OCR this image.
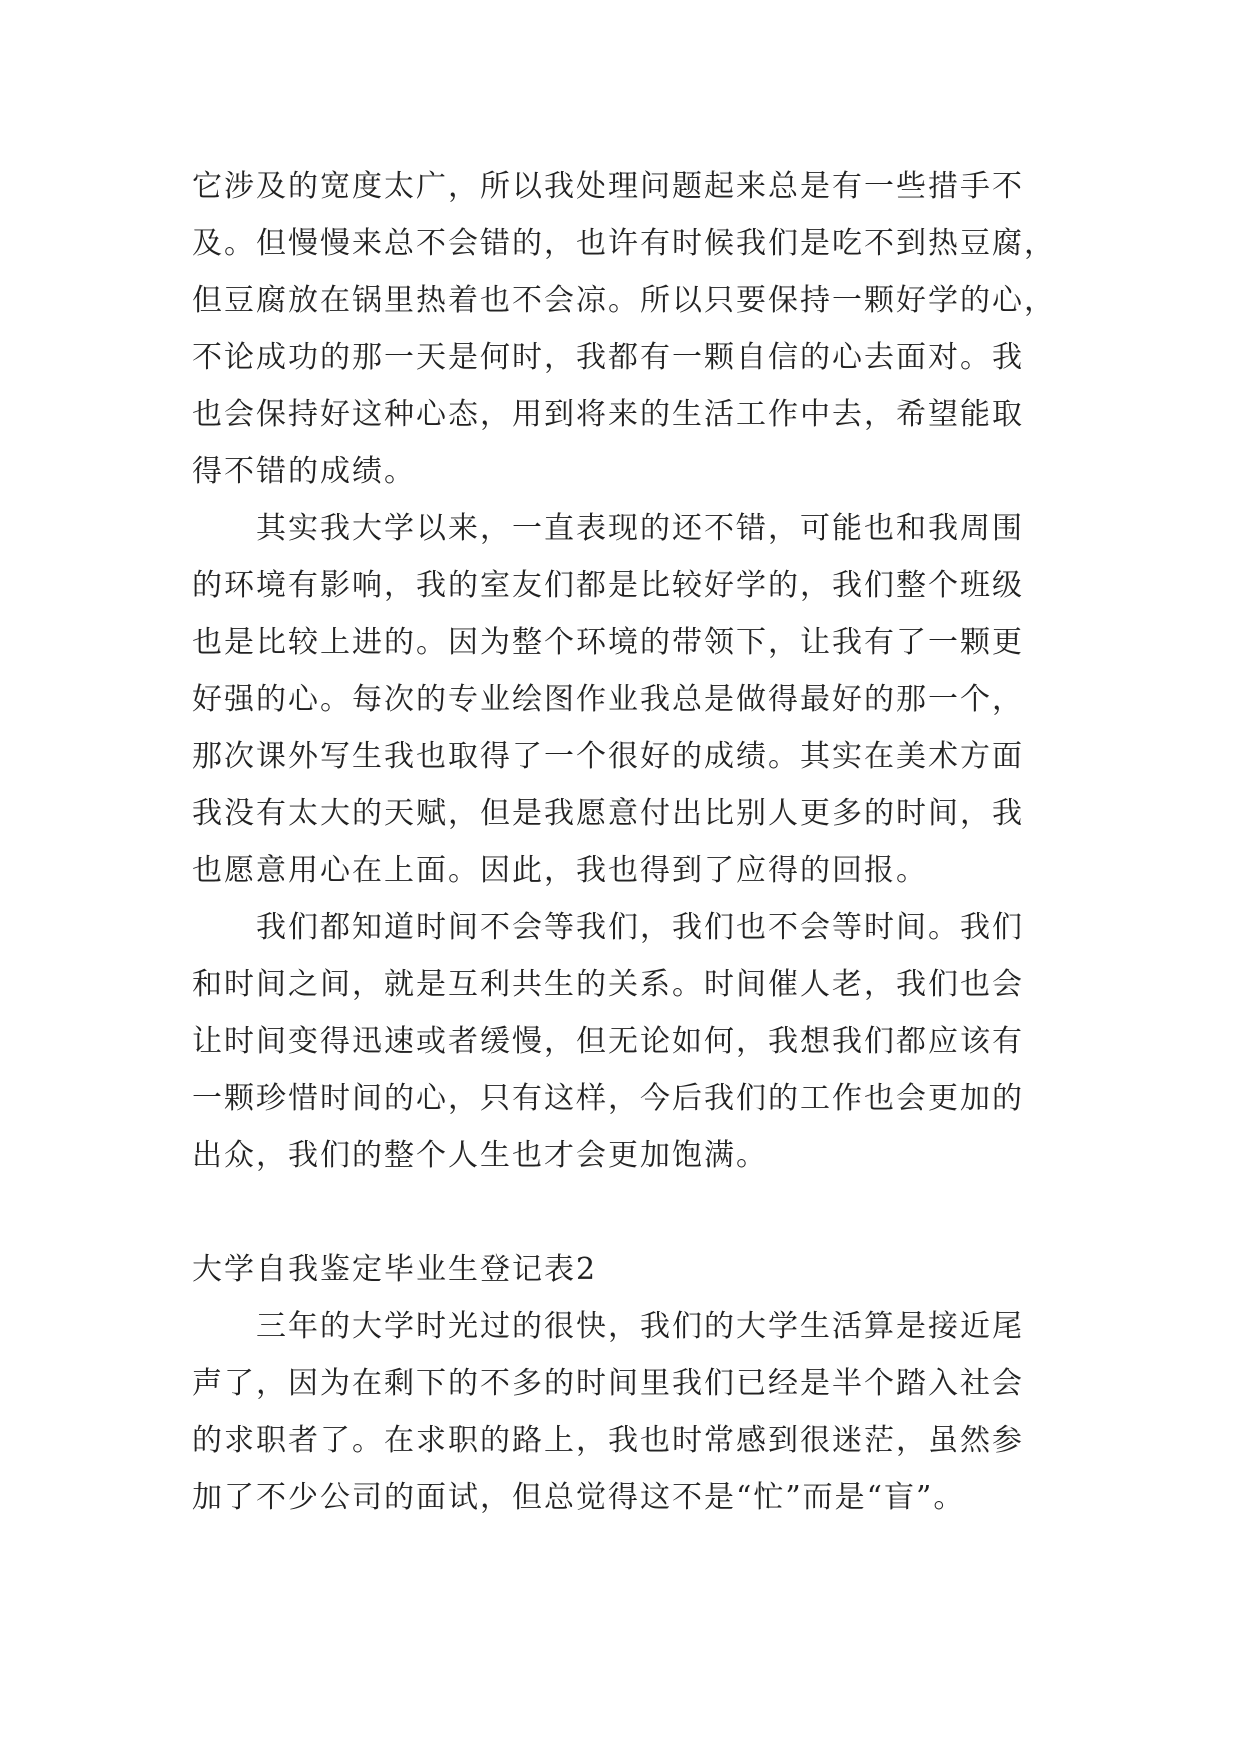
它涉及的宽度太广，所以我处理问题起来总是有一些措手不
及。但慢慢来总不会错的，也许有时候我们是吃不到热豆腐，
但豆腐放在锅里热着也不会凉。所以只要保持一颗好学的心，
不论成功的那一天是何时，我都有一颗自信的心去面对。我
也会保持好这种心态，用到将来的生活工作中去，希望能取
得不错的成绩。
其实我大学以来，一直表现的还不错，可能也和我周围
的环境有影响，我的室友们都是比较好学的，我们整个班级
也是比较上进的。因为整个环境的带领下，让我有了一颗更
好强的心。每次的专业绘图作业我总是做得最好的那一个，
那次课外写生我也取得了一个很好的成绩。其实在美术方面
我没有太大的天赋，但是我愿意付出比别人更多的时间，我
也愿意用心在上面。因此，我也得到了应得的回报。
我们都知道时间不会等我们，我们也不会等时间。我们
和时间之间，就是互利共生的关系。时间催人老，我们也会
让时间变得迅速或者缓慢，但无论如何，我想我们都应该有
一颗珍惜时间的心，只有这样，今后我们的工作也会更加的
出众，我们的整个人生也才会更加饱满。
大学自我鉴定毕业生登记表2
三年的大学时光过的很快，我们的大学生活算是接近尾
声了，因为在剩下的不多的时间里我们已经是半个踏入社会
的求职者了。在求职的路上，我也时常感到很迷茫，虽然参
加了不少公司的面试，但总觉得这不是“忙”而是“盲”。
